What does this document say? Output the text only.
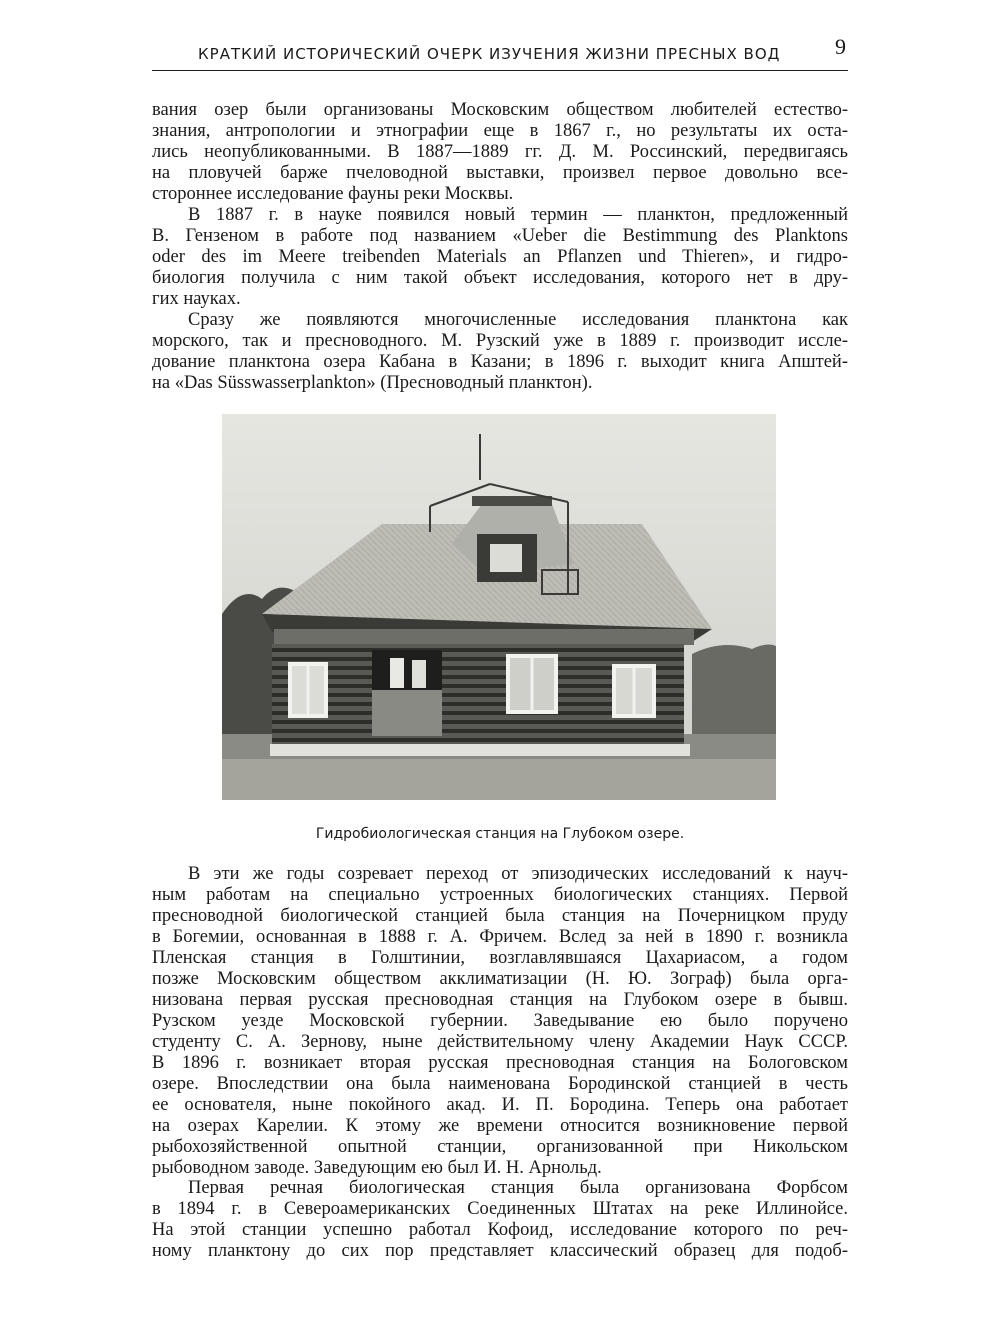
КРАТКИЙ ИСТОРИЧЕСКИЙ ОЧЕРК ИЗУЧЕНИЯ ЖИЗНИ ПРЕСНЫХ ВОД 9
вания озер были организованы Московским обществом любителей естество-
знания, антропологии и этнографии еще в 1867 г., но результаты их оста-
лись неопубликованными. В 1887—1889 гг. Д. М. Россинский, передвигаясь
на пловучей барже пчеловодной выставки, произвел первое довольно все-
стороннее исследование фауны реки Москвы.
В 1887 г. в науке появился новый термин — планктон, предложенный
В. Гензеном в работе под названием «Ueber die Bestimmung des Planktons
oder des im Meere treibenden Materials an Pflanzen und Thieren», и гидро-
биология получила с ним такой объект исследования, которого нет в дру-
гих науках.
Сразу же появляются многочисленные исследования планктона как
морского, так и пресноводного. М. Рузский уже в 1889 г. производит иссле-
дование планктона озера Кабана в Казани; в 1896 г. выходит книга Апштей-
на «Das Süsswasserplankton» (Пресноводный планктон).
Гидробиологическая станция на Глубоком озере.
В эти же годы созревает переход от эпизодических исследований к науч-
ным работам на специально устроенных биологических станциях. Первой
пресноводной биологической станцией была станция на Почерницком пруду
в Богемии, основанная в 1888 г. А. Фричем. Вслед за ней в 1890 г. возникла
Пленская станция в Голштинии, возглавлявшаяся Цахариасом, а годом
позже Московским обществом акклиматизации (Н. Ю. Зограф) была орга-
низована первая русская пресноводная станция на Глубоком озере в бывш.
Рузском уезде Московской губернии. Заведывание ею было поручено
студенту С. А. Зернову, ныне действительному члену Академии Наук СССР.
В 1896 г. возникает вторая русская пресноводная станция на Бологовском
озере. Впоследствии она была наименована Бородинской станцией в честь
ее основателя, ныне покойного акад. И. П. Бородина. Теперь она работает
на озерах Карелии. К этому же времени относится возникновение первой
рыбохозяйственной опытной станции, организованной при Никольском
рыбоводном заводе. Заведующим ею был И. Н. Арнольд.
Первая речная биологическая станция была организована Форбсом
в 1894 г. в Североамериканских Соединенных Штатах на реке Иллинойсе.
На этой станции успешно работал Кофоид, исследование которого по реч-
ному планктону до сих пор представляет классический образец для подоб-
